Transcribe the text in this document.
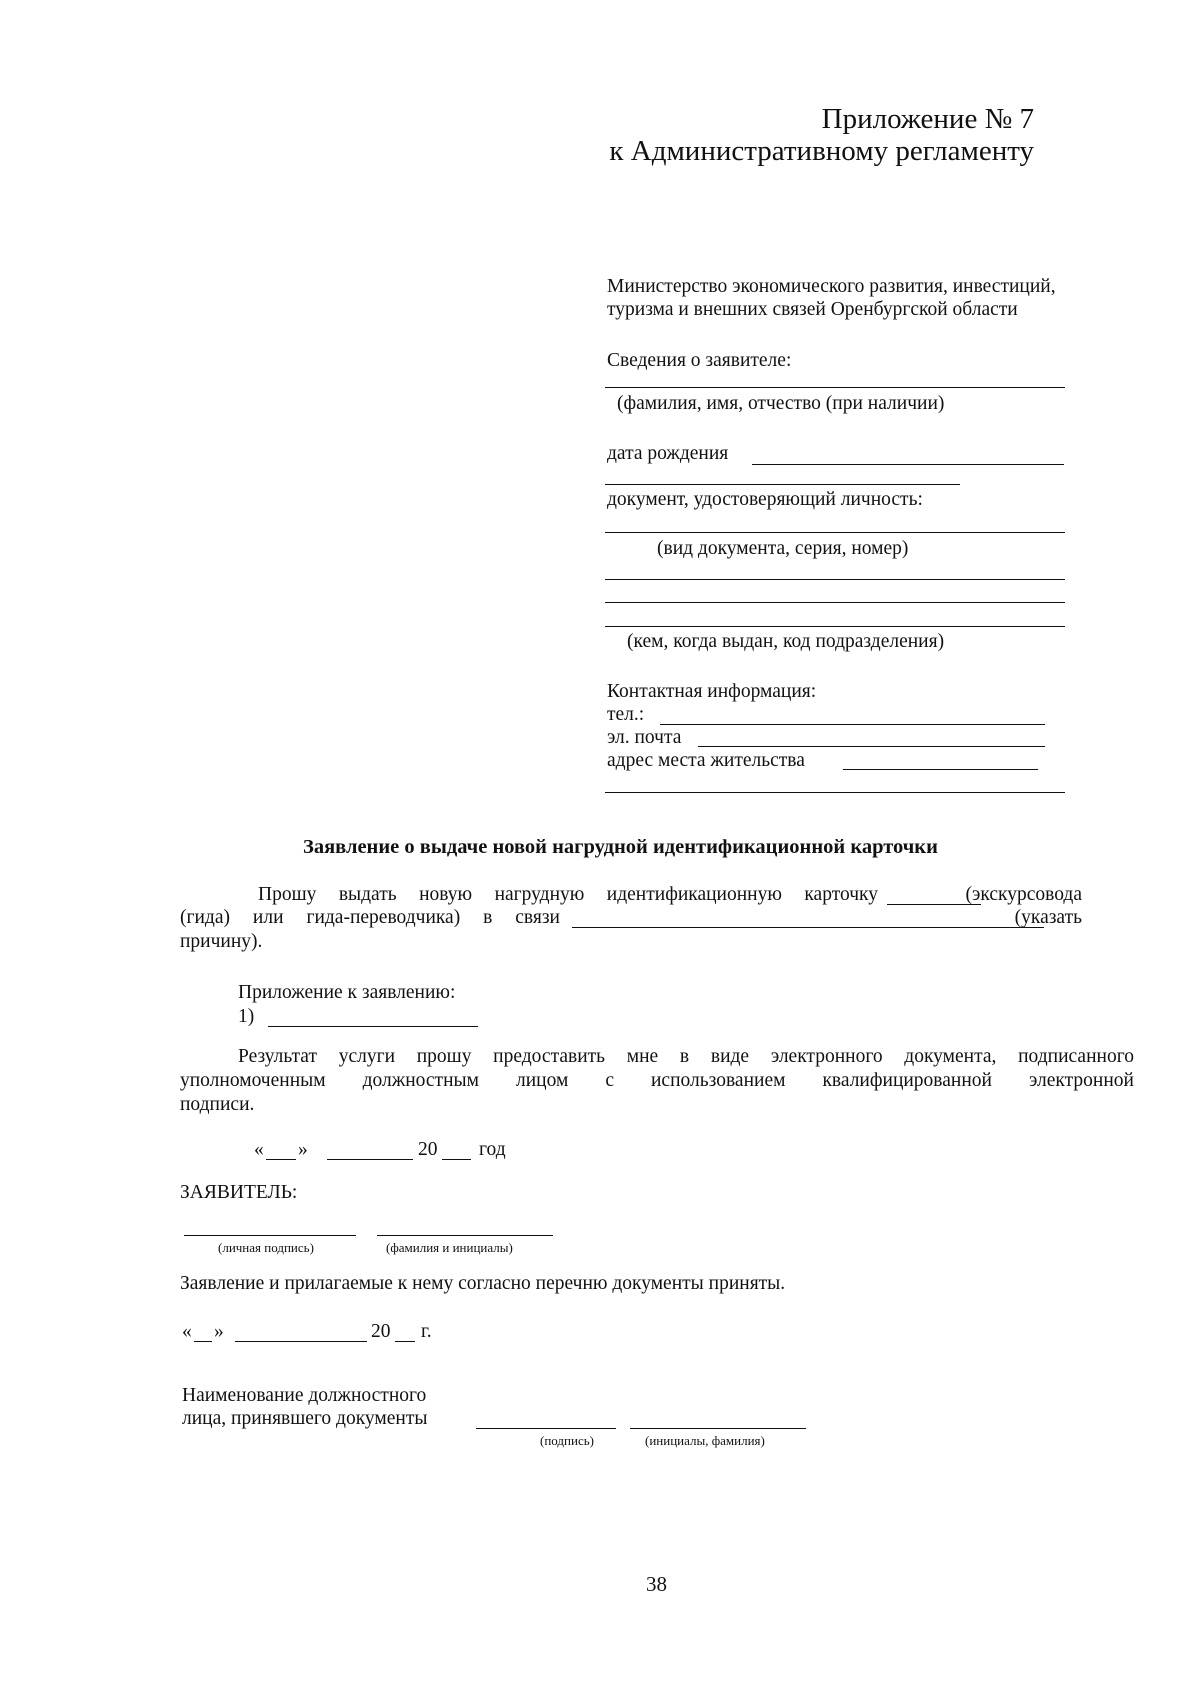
Приложение № 7
к Административному регламенту
Министерство экономического развития, инвестиций,
туризма и внешних связей Оренбургской области
Сведения о заявителе:
(фамилия, имя, отчество (при наличии)
дата рождения
документ, удостоверяющий личность:
(вид документа, серия, номер)
(кем, когда выдан, код подразделения)
Контактная информация:
тел.:
эл. почта
адрес места жительства
Заявление о выдаче новой нагрудной идентификационной карточки
Прошу выдать новую нагрудную идентификационную карточку	(экскурсовода
(гида) или гида-переводчика) в связи	(указать
причину).
Приложение к заявлению:
1)
Результат услуги прошу предоставить мне в виде электронного документа, подписанного
уполномоченным должностным лицом с использованием квалифицированной электронной
подписи.
« »	20 год
ЗАЯВИТЕЛЬ:
(личная подпись)	(фамилия и инициалы)
Заявление и прилагаемые к нему согласно перечню документы приняты.
« »	20 г.
Наименование должностного
лица, принявшего документы
(подпись)	(инициалы, фамилия)
38
